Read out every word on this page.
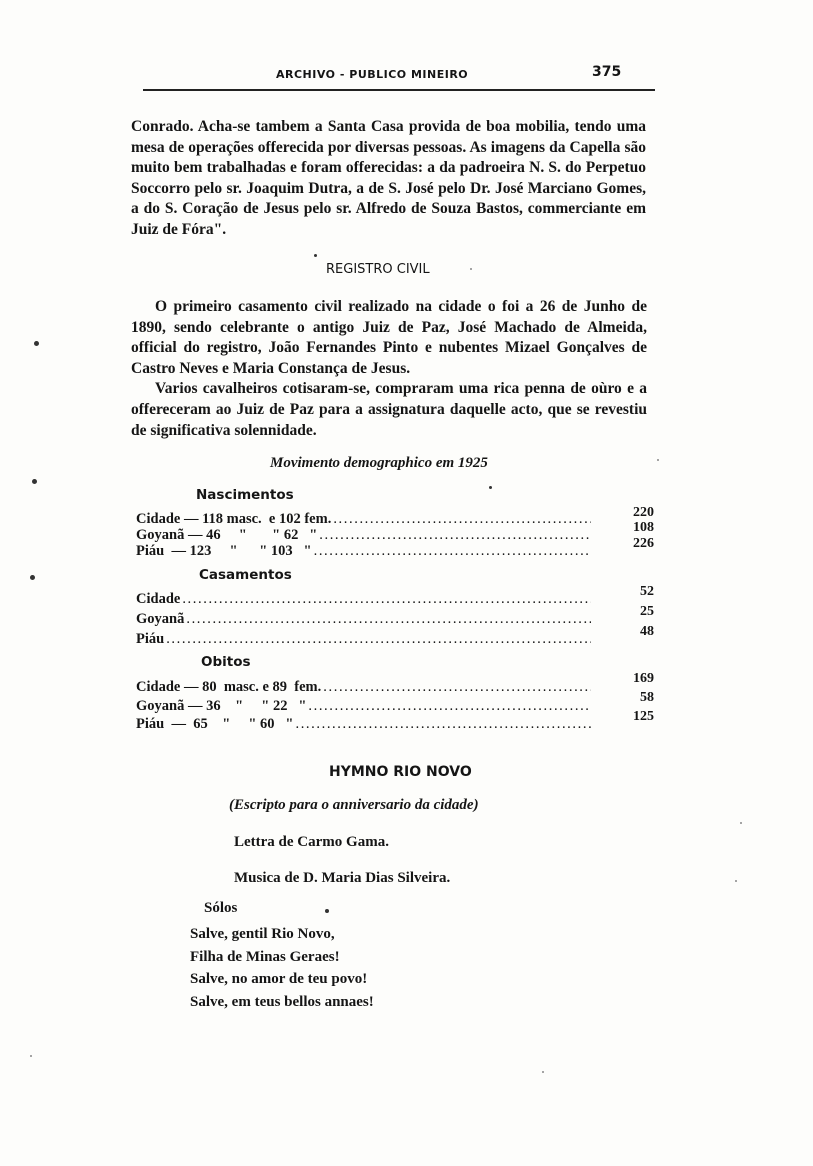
ARCHIVO - PUBLICO MINEIRO	375

Conrado. Acha-se tambem a Santa Casa provida de boa mobilia, tendo uma mesa de operações offerecida por diversas pessoas. As imagens da Capella são muito bem trabalhadas e foram offerecidas: a da padroeira N. S. do Perpetuo Soccorro pelo sr. Joaquim Dutra, a de S. José pelo Dr. José Marciano Gomes, a do S. Coração de Jesus pelo sr. Alfredo de Souza Bastos, commerciante em Juiz de Fóra".

REGISTRO CIVIL

O primeiro casamento civil realizado na cidade o foi a 26 de Junho de 1890, sendo celebrante o antigo Juiz de Paz, José Machado de Almeida, official do registro, João Fernandes Pinto e nubentes Mizael Gonçalves de Castro Neves e Maria Constança de Jesus.

Varios cavalheiros cotisaram-se, compraram uma rica penna de oùro e a offereceram ao Juiz de Paz para a assignatura daquelle acto, que se revestiu de significativa solennidade.

Movimento demographico em 1925
Nascimentos
Cidade — 118 masc.  e 102 fem.
.....
Goyanã — 46     "       " 62   "
.....
Piáu  — 123     "      " 103   "
.....
220
108
226
Casamentos
Cidade
.....
Goyanã
.....
Piáu
.....
52
25
48
Obitos
Cidade — 80  masc. e 89  fem.
.....
Goyanã — 36    "     " 22   "
.....
Piáu  —  65    "     " 60   "
.....
169
58
125
HYMNO RIO NOVO
(Escripto para o anniversario da cidade)
Lettra de Carmo Gama.
Musica de D. Maria Dias Silveira.
Sólos
Salve, gentil Rio Novo,
Filha de Minas Geraes!
Salve, no amor de teu povo!
Salve, em teus bellos annaes!
